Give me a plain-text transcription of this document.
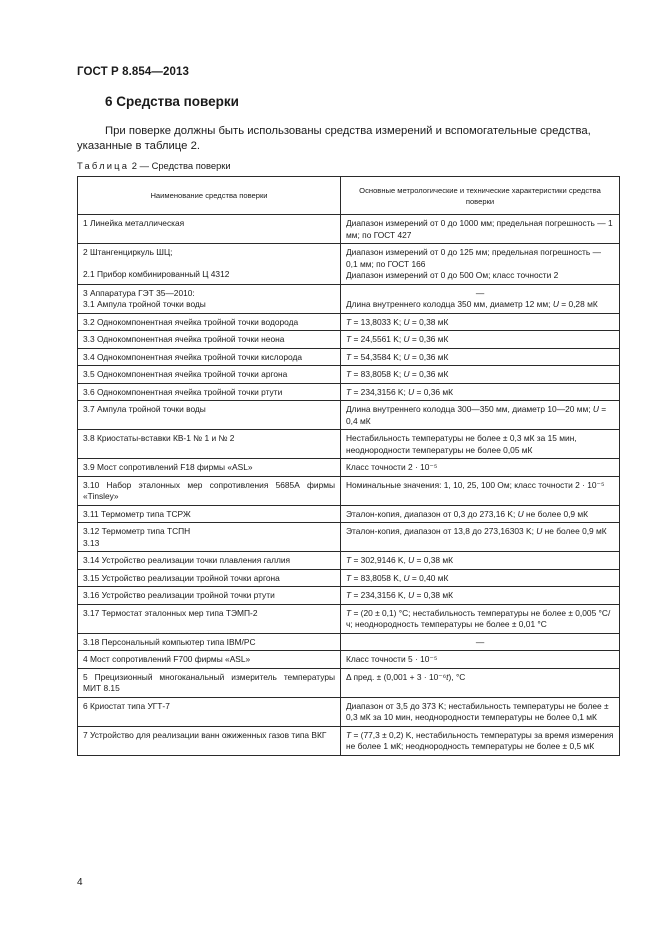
ГОСТ Р 8.854—2013
6 Средства поверки
При поверке должны быть использованы средства измерений и вспомогательные средства, указанные в таблице 2.
Таблица 2 — Средства поверки
Наименование средства поверки	Основные метрологические и технические характеристики средства поверки

1 Линейка металлическая	Диапазон измерений от 0 до 1000 мм; предельная погрешность — 1 мм; по ГОСТ 427

2 Штангенциркуль ШЦ;
2.1 Прибор комбинированный Ц 4312	Диапазон измерений от 0 до 125 мм; предельная погрешность — 0,1 мм; по ГОСТ 166
Диапазон измерений от 0 до 500 Ом; класс точности 2

3 Аппаратура ГЭТ 35—2010:
3.1 Ампула тройной точки воды	—
Длина внутреннего колодца 350 мм, диаметр 12 мм; U = 0,28 мК

3.2 Однокомпонентная ячейка тройной точки водорода	T = 13,8033 K; U = 0,38 мК

3.3 Однокомпонентная ячейка тройной точки неона	T = 24,5561 K; U = 0,36 мК

3.4 Однокомпонентная ячейка тройной точки кислорода	T = 54,3584 K; U = 0,36 мК

3.5 Однокомпонентная ячейка тройной точки аргона	T = 83,8058 K; U = 0,36 мК

3.6 Однокомпонентная ячейка тройной точки ртути	T = 234,3156 K; U = 0,36 мК

3.7 Ампула тройной точки воды	Длина внутреннего колодца 300—350 мм, диаметр 10—20 мм; U = 0,4 мК

3.8 Криостаты-вставки КВ-1 № 1 и № 2	Нестабильность температуры не более ± 0,3 мК за 15 мин, неоднородности температуры не более 0,05 мК

3.9 Мост сопротивлений F18 фирмы «ASL»	Класс точности 2 · 10⁻⁵

3.10 Набор эталонных мер сопротивления 5685А фирмы «Tinsley»	Номинальные значения: 1, 10, 25, 100 Ом; класс точности 2 · 10⁻⁵

3.11 Термометр типа ТСРЖ	Эталон-копия, диапазон от 0,3 до 273,16 K; U не более 0,9 мК

3.12 Термометр типа ТСПН
3.13	Эталон-копия, диапазон от 13,8 до 273,16303 K; U не более 0,9 мК

3.14 Устройство реализации точки плавления галлия	T = 302,9146 K, U = 0,38 мК

3.15 Устройство реализации тройной точки аргона	T = 83,8058 K, U = 0,40 мК

3.16 Устройство реализации тройной точки ртути	T = 234,3156 K, U = 0,38 мК

3.17 Термостат эталонных мер типа ТЭМП-2	T = (20 ± 0,1) °C; нестабильность температуры не более ± 0,005 °C/ч; неоднородность температуры не более ± 0,01 °C

3.18 Персональный компьютер типа IBM/PC	—

4 Мост сопротивлений F700 фирмы «ASL»	Класс точности 5 · 10⁻⁵

5 Прецизионный многоканальный измеритель температуры МИТ 8.15	Δ пред. ± (0,001 + 3 · 10⁻⁶t), °C

6 Криостат типа УГТ-7	Диапазон от 3,5 до 373 K; нестабильность температуры не более ± 0,3 мК за 10 мин, неоднородности температуры не более 0,1 мК

7 Устройство для реализации ванн ожиженных газов типа ВКГ	T = (77,3 ± 0,2) K, нестабильность температуры за время измерения не более 1 мК; неоднородность температуры не более ± 0,5 мК
4
